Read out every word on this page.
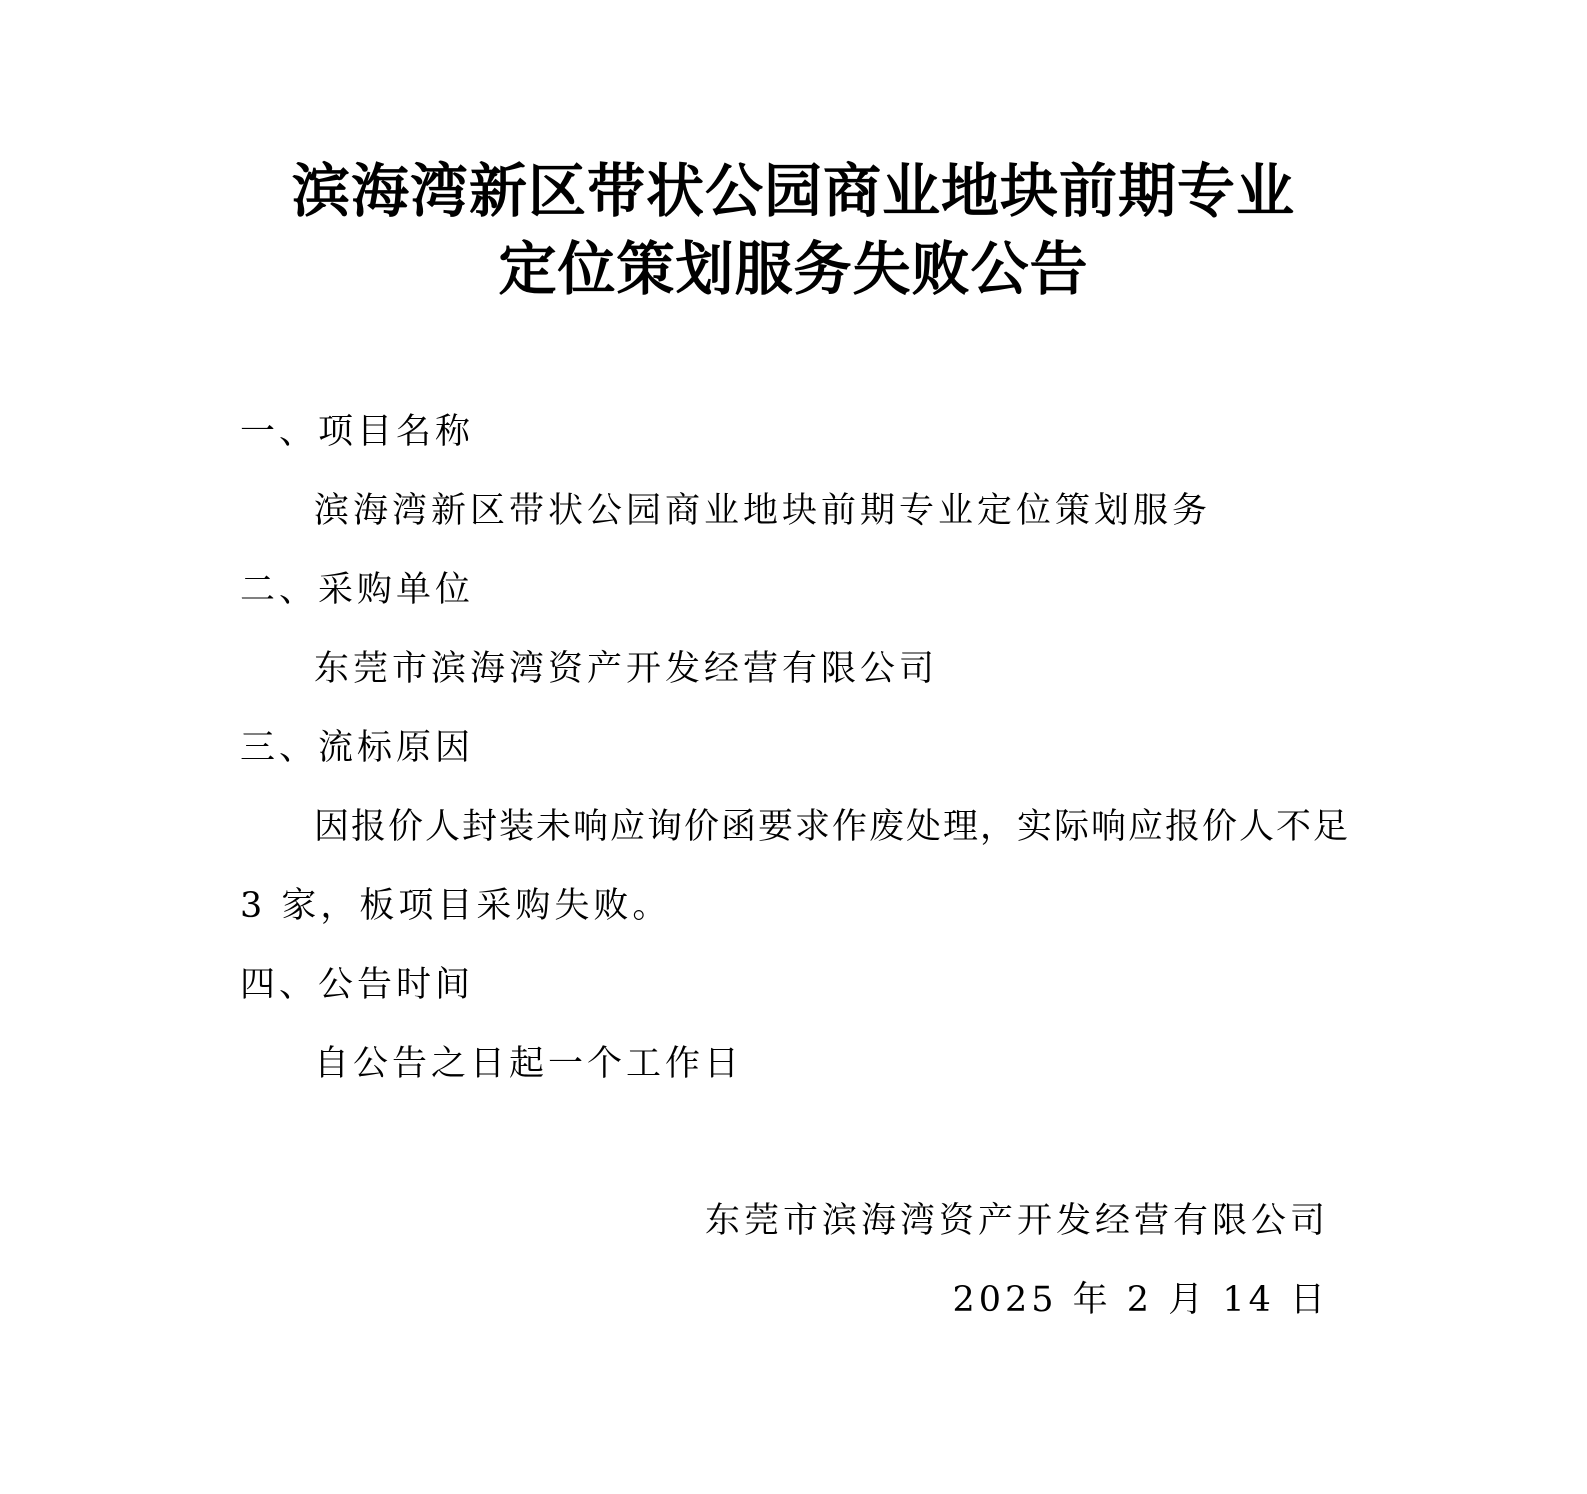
滨海湾新区带状公园商业地块前期专业
定位策划服务失败公告
一、项目名称
滨海湾新区带状公园商业地块前期专业定位策划服务
二、采购单位
东莞市滨海湾资产开发经营有限公司
三、流标原因
因报价人封装未响应询价函要求作废处理，实际响应报价人不足
3 家，板项目采购失败。
四、公告时间
自公告之日起一个工作日
东莞市滨海湾资产开发经营有限公司
2025 年 2 月 14 日
